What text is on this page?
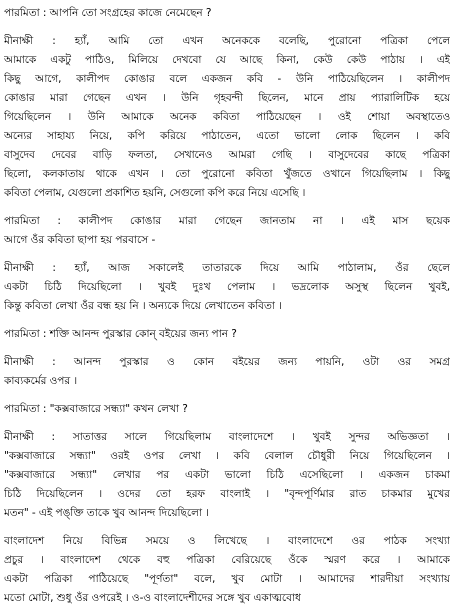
পারমিতা : আপনি তো সংগ্রহের কাজে নেমেছেন ?
মীনাক্ষী : হ্যাঁ, আমি তো এখন অনেককে বলেছি, পুরোনো পত্রিকা পেলে
আমাকে একটু পাঠিও, মিলিয়ে দেখবো যে আছে কিনা, কেউ কেউ পাঠায় । এই
কিছু আগে, কালীপদ কোঙার বলে একজন কবি - উনি পাঠিয়েছিলেন । কালীপদ
কোঙার মারা গেছেন এখন । উনি গৃহবন্দী ছিলেন, মানে প্রায় প্যারালিটিক হয়ে
গিয়েছিলেন । উনি আমাকে অনেক কবিতা পাঠিয়েছেন । ওই শোয়া অবস্থাতেও
অন্যের সাহায্য নিয়ে, কপি করিয়ে পাঠাতেন, এতো ভালো লোক ছিলেন । কবি
বাসুদেব দেবের বাড়ি ফলতা, সেখানেও আমরা গেছি । বাসুদেবের কাছে পত্রিকা
ছিলো, কলকাতায় থাকে এখন । তো পুরোনো কবিতা খুঁজতে ওখানে গিয়েছিলাম । কিছু
কবিতা পেলাম, যেগুলো প্রকাশিত হয়নি, সেগুলো কপি করে নিয়ে এসেছি ।
পারমিতা : কালীপদ কোঙার মারা গেছেন জানতাম না । এই মাস ছয়েক
আগে ওঁর কবিতা ছাপা হয় পরবাসে -
মীনাক্ষী : হ্যাঁ, আজ সকালেই তাতারকে দিয়ে আমি পাঠালাম, ওঁর ছেলে
একটা চিঠি দিয়েছিলো । খুবই দুঃখ পেলাম । ভদ্রলোক অসুস্থ ছিলেন খুবই,
কিন্তু কবিতা লেখা ওঁর বন্ধ হয় নি । অন্যকে দিয়ে লেখাতেন কবিতা ।
পারমিতা : শক্তি আনন্দ পুরস্কার কোন্‌ বইয়ের জন্য পান ?
মীনাক্ষী : আনন্দ পুরস্কার ও কোন বইয়ের জন্য পায়নি, ওটা ওর সমগ্র
কাব্যকর্মের ওপর ।
পারমিতা : "কক্সবাজারে সন্ধ্যা" কখন লেখা ?
মীনাক্ষী : সাতাত্তর সালে গিয়েছিলাম বাংলাদেশে । খুবই সুন্দর অভিজ্ঞতা ।
"কক্সবাজারে সন্ধ্যা" ওরই ওপর লেখা । কবি বেলাল চৌধুরী নিয়ে গিয়েছিলেন ।
"কক্সবাজারে সন্ধ্যা" লেখার পর একটা ভালো চিঠি এসেছিলো । একজন চাকমা
চিঠি দিয়েছিলেন । ওদের তো হরফ বাংলাই । "বৃন্দপূর্ণিমার রাত চাকমার মুখের
মতন" - এই পঙ্‌ক্তি তাকে খুব আনন্দ দিয়েছিলো ।
বাংলাদেশ নিয়ে বিভিন্ন সময়ে ও লিখেছে । বাংলাদেশে ওর পাঠক সংখ্যা
প্রচুর । বাংলাদেশ থেকে বহু পত্রিকা বেরিয়েছে ওঁকে স্মরণ করে । আমাকে
একটা পত্রিকা পাঠিয়েছে "পূর্ণতা" বলে, খুব মোটা । আমাদের শারদীয়া সংখ্যায়
মতো মোটা, শুধু ওঁর ওপরেই । ও-ও বাংলাদেশীদের সঙ্গে খুব একাত্মবোধ
